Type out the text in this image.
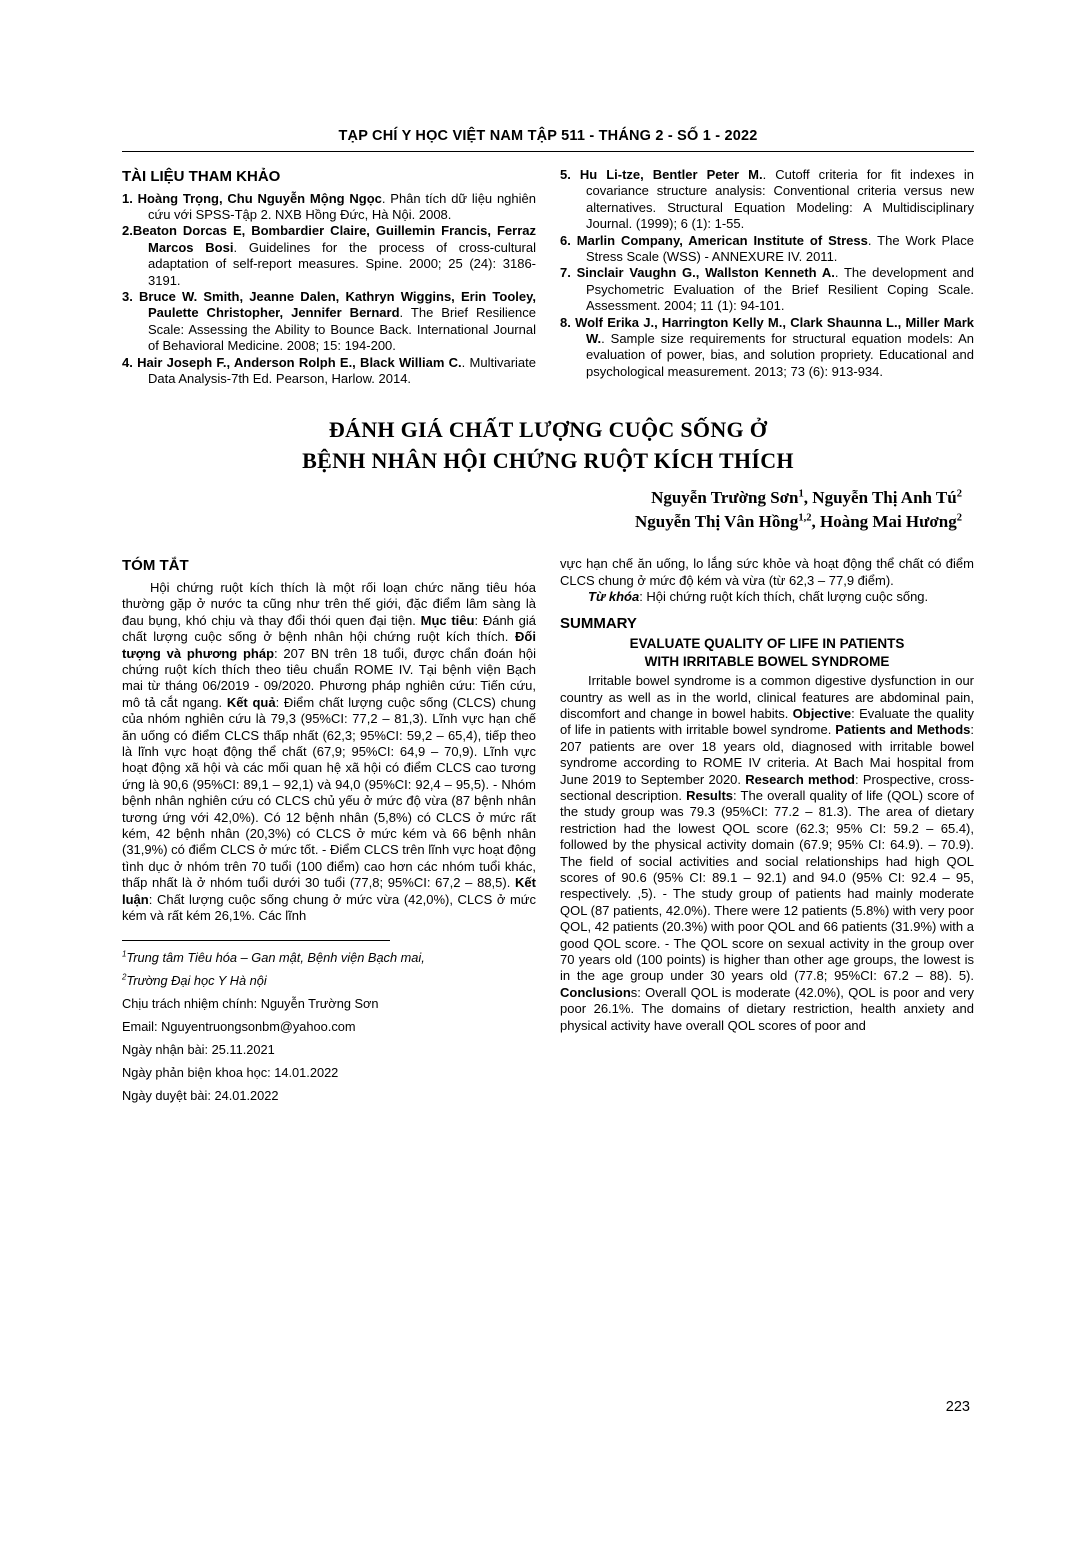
TẠP CHÍ Y HỌC VIỆT NAM TẬP 511 - THÁNG 2 - SỐ 1 - 2022
TÀI LIỆU THAM KHẢO
1. Hoàng Trọng, Chu Nguyễn Mộng Ngọc. Phân tích dữ liệu nghiên cứu với SPSS-Tập 2. NXB Hồng Đức, Hà Nội. 2008.
2.Beaton Dorcas E, Bombardier Claire, Guillemin Francis, Ferraz Marcos Bosi. Guidelines for the process of cross-cultural adaptation of self-report measures. Spine. 2000; 25 (24): 3186-3191.
3. Bruce W. Smith, Jeanne Dalen, Kathryn Wiggins, Erin Tooley, Paulette Christopher, Jennifer Bernard. The Brief Resilience Scale: Assessing the Ability to Bounce Back. International Journal of Behavioral Medicine. 2008; 15: 194-200.
4. Hair Joseph F., Anderson Rolph E., Black William C.. Multivariate Data Analysis-7th Ed. Pearson, Harlow. 2014.
5. Hu Li-tze, Bentler Peter M.. Cutoff criteria for fit indexes in covariance structure analysis: Conventional criteria versus new alternatives. Structural Equation Modeling: A Multidisciplinary Journal. (1999); 6 (1): 1-55.
6. Marlin Company, American Institute of Stress. The Work Place Stress Scale (WSS) - ANNEXURE IV. 2011.
7. Sinclair Vaughn G., Wallston Kenneth A.. The development and Psychometric Evaluation of the Brief Resilient Coping Scale. Assessment. 2004; 11 (1): 94-101.
8. Wolf Erika J., Harrington Kelly M., Clark Shaunna L., Miller Mark W.. Sample size requirements for structural equation models: An evaluation of power, bias, and solution propriety. Educational and psychological measurement. 2013; 73 (6): 913-934.
ĐÁNH GIÁ CHẤT LƯỢNG CUỘC SỐNG Ở
BỆNH NHÂN HỘI CHỨNG RUỘT KÍCH THÍCH
Nguyễn Trường Sơn$^1$, Nguyễn Thị Anh $Tú^2$
Nguyễn Thị Vân Hồng$^{1,2}$, Hoàng Mai Hương$^2$
TÓM TẮT

Hội chứng ruột kích thích là một rối loạn chức năng tiêu hóa thường gặp ở nước ta cũng như trên thế giới, đặc điểm lâm sàng là đau bụng, khó chịu và thay đổi thói quen đại tiện. Mục tiêu: Đánh giá chất lượng cuộc sống ở bệnh nhân hội chứng ruột kích thích. Đối tượng và phương pháp: 207 BN trên 18 tuổi, được chẩn đoán hội chứng ruột kích thích theo tiêu chuẩn ROME IV. Tại bệnh viện Bạch mai từ tháng 06/2019 - 09/2020. Phương pháp nghiên cứu: Tiến cứu, mô tả cắt ngang. Kết quả: Điểm chất lượng cuộc sống (CLCS) chung của nhóm nghiên cứu là 79,3 (95%CI: 77,2 – 81,3). Lĩnh vực hạn chế ăn uống có điểm CLCS thấp nhất (62,3; 95%CI: 59,2 – 65,4), tiếp theo là lĩnh vực hoạt động thể chất (67,9; 95%CI: 64,9 – 70,9). Lĩnh vực hoạt động xã hội và các mối quan hệ xã hội có điểm CLCS cao tương ứng là 90,6 (95%CI: 89,1 – 92,1) và 94,0 (95%CI: 92,4 – 95,5). - Nhóm bệnh nhân nghiên cứu có CLCS chủ yếu ở mức độ vừa (87 bệnh nhân tương ứng với 42,0%). Có 12 bệnh nhân (5,8%) có CLCS ở mức rất kém, 42 bệnh nhân (20,3%) có CLCS ở mức kém và 66 bệnh nhân (31,9%) có điểm CLCS ở mức tốt. - Điểm CLCS trên lĩnh vực hoạt động tình dục ở nhóm trên 70 tuổi (100 điểm) cao hơn các nhóm tuổi khác, thấp nhất là ở nhóm tuổi dưới 30 tuổi (77,8; 95%CI: 67,2 – 88,5). Kết luận: Chất lượng cuộc sống chung ở mức vừa (42,0%), CLCS ở mức kém và rất kém 26,1%. Các lĩnh

$^1$Trung tâm Tiêu hóa – Gan mật, Bệnh viện Bạch mai,
$^2$Trường Đại học Y Hà nội
Chịu trách nhiệm chính: Nguyễn Trường Sơn
Email: Nguyentruongsonbm@yahoo.com
Ngày nhận bài: 25.11.2021
Ngày phản biện khoa học: 14.01.2022
Ngày duyệt bài: 24.01.2022

vực hạn chế ăn uống, lo lắng sức khỏe và hoạt động thể chất có điểm CLCS chung ở mức độ kém và vừa (từ 62,3 – 77,9 điểm).

Từ khóa: Hội chứng ruột kích thích, chất lượng cuộc sống.

SUMMARY
EVALUATE QUALITY OF LIFE IN PATIENTS
WITH IRRITABLE BOWEL SYNDROME

Irritable bowel syndrome is a common digestive dysfunction in our country as well as in the world, clinical features are abdominal pain, discomfort and change in bowel habits. Objective: Evaluate the quality of life in patients with irritable bowel syndrome. Patients and Methods: 207 patients are over 18 years old, diagnosed with irritable bowel syndrome according to ROME IV criteria. At Bach Mai hospital from June 2019 to September 2020. Research method: Prospective, cross-sectional description. Results: The overall quality of life (QOL) score of the study group was 79.3 (95%CI: 77.2 – 81.3). The area of dietary restriction had the lowest QOL score (62.3; 95% CI: 59.2 – 65.4), followed by the physical activity domain (67.9; 95% CI: 64.9). – 70.9). The field of social activities and social relationships had high QOL scores of 90.6 (95% CI: 89.1 – 92.1) and 94.0 (95% CI: 92.4 – 95, respectively. ,5). - The study group of patients had mainly moderate QOL (87 patients, 42.0%). There were 12 patients (5.8%) with very poor QOL, 42 patients (20.3%) with poor QOL and 66 patients (31.9%) with a good QOL score. - The QOL score on sexual activity in the group over 70 years old (100 points) is higher than other age groups, the lowest is in the age group under 30 years old (77.8; 95%CI: 67.2 – 88). 5). Conclusions: Overall QOL is moderate (42.0%), QOL is poor and very poor 26.1%. The domains of dietary restriction, health anxiety and physical activity have overall QOL scores of poor and

223
